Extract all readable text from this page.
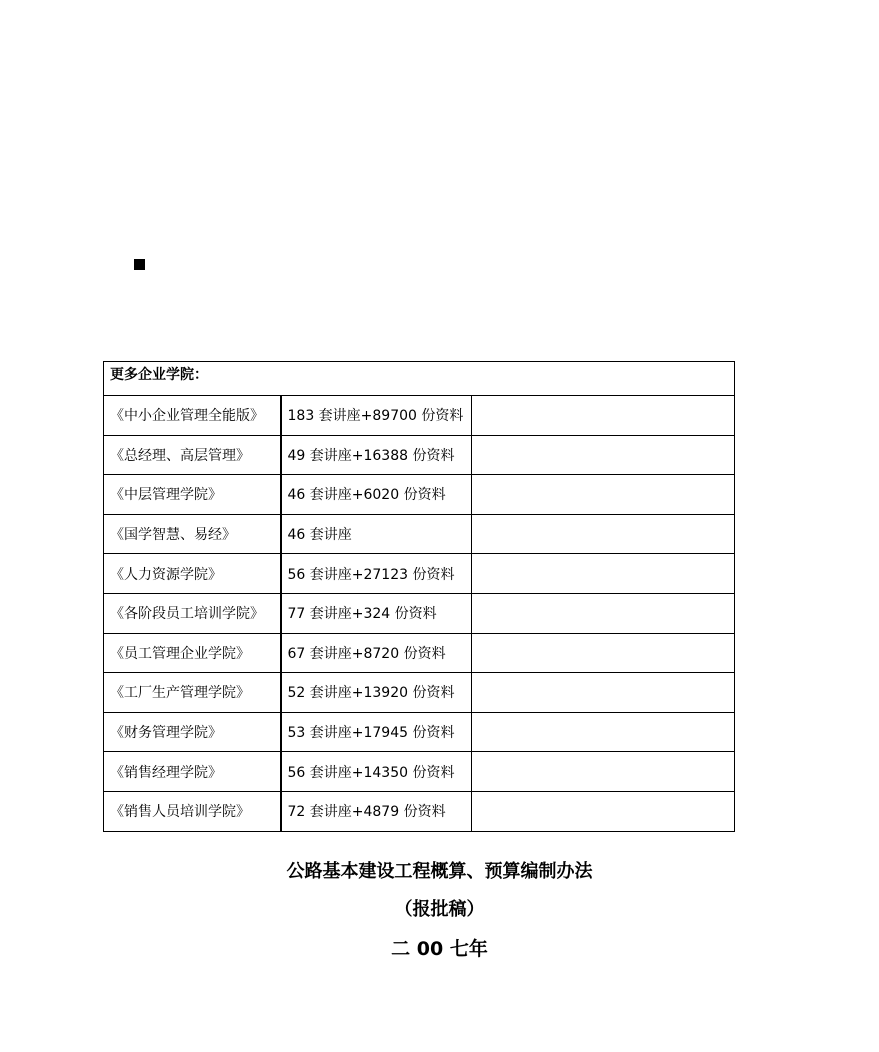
更多企业学院：		
《中小企业管理全能版》	183 套讲座+89700 份资料	
《总经理、高层管理》	49 套讲座+16388 份资料	
《中层管理学院》	46 套讲座+6020 份资料	
《国学智慧、易经》	46 套讲座	
《人力资源学院》	56 套讲座+27123 份资料	
《各阶段员工培训学院》	77 套讲座+324 份资料	
《员工管理企业学院》	67 套讲座+8720 份资料	
《工厂生产管理学院》	52 套讲座+13920 份资料	
《财务管理学院》	53 套讲座+17945 份资料	
《销售经理学院》	56 套讲座+14350 份资料	
《销售人员培训学院》	72 套讲座+4879 份资料	
公路基本建设工程概算、预算编制办法
（报批稿）
二 00 七年
